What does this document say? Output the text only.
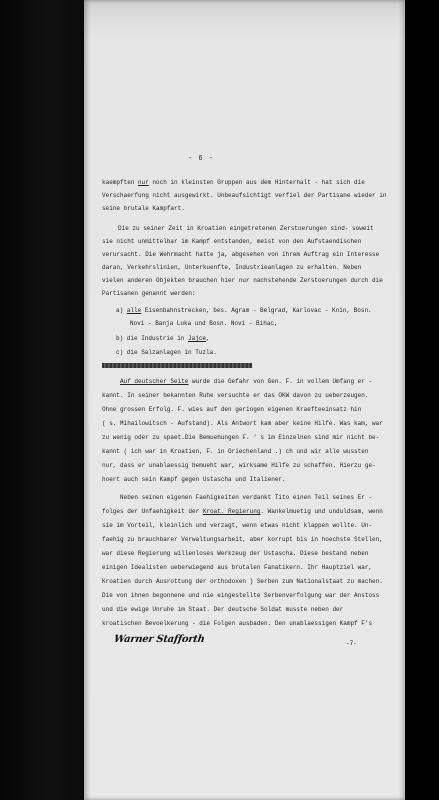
- 6 -
kaempften nur noch in kleinsten Gruppen aus dem Hinterhalt - hat sich die
Verschaerfung nicht ausgewirkt. Unbeaufsichtigt verfiel der Partisane wieder in
seine brutale Kampfart.
Die zu seiner Zeit in Kroatien eingetretenen Zerstoerungen sind- soweit
sie nicht unmittelbar im Kampf entstanden, meist von den Aufstaendischen
verursacht. Die Wehrmacht hatte ja, abgesehen von ihrem Auftrag ein Interesse
daran, Verkehrslinien, Unterkuenfte, Industrieanlagen zu erhalten. Neben
vielen anderen Objekten brauchen hier nur nachstehende Zerstoerungen durch die
Partisanen genannt werden:
a) alle Eisenbahnstrecken, bes. Agram - Belgrad, Karlovac - Knin, Bosn.
Novi - Banja Luka und Bosn. Novi - Bihac,
b) die Industrie in Jajce,
c) die Salzanlagen in Tuzla.
Auf deutscher Seite wurde die Gefahr von Gen. F. in vollem Umfang er -
kannt. In seiner bekannten Ruhe versuchte er das OKW davon zu ueberzeugen.
Ohne grossen Erfolg. F. wies auf den geringen eigenen Kraefteeinsatz hin
( s. Mihailowitsch - Aufstand). Als Antwort kam aber keine Hilfe. Was kam, war
zu wenig oder zu spaet.Die Bemuehungen F. ' s im Einzelnen sind mir nicht be-
kannt ( ich war in Kroatien, F. in Griechenland .) ch und wir alle wussten
nur, dass er unablaessig bemueht war, wirksame Hilfe zu schaffen. Hierzu ge-
hoert auch sein Kampf gegen Ustascha und Italiener.
Neben seinen eigenen Faehigkeiten verdankt Tito einen Teil seines Er -
folges der Unfaehigkeit der Kroat. Regierung. Wankelmuetig und unduldsam, wenn
sie im Vorteil, kleinlich und verzagt, wenn etwas nicht klappen wollte. Un-
faehig zu brauchbarer Verwaltungsarbeit, aber korrupt bis in hoechste Stellen,
war diese Regierung willenloses Werkzeug der Ustascha. Diese bestand neben
einigen Idealisten ueberwiegend aus brutalen Fanatikern. Ihr Hauptziel war,
Kroatien durch Ausrottung der orthodoxen ) Serben zum Nationalstaat zu machen.
Die von ihnen begonnene und nie eingestellte Serbenverfolgung war der Anstoss
und die ewige Unruhe im Staat. Der deutsche Soldat musste neben der
kroatischen Bevoelkerung - die Folgen ausbaden. Den unablaessigen Kampf F's
Warner Stafforth	-7-
